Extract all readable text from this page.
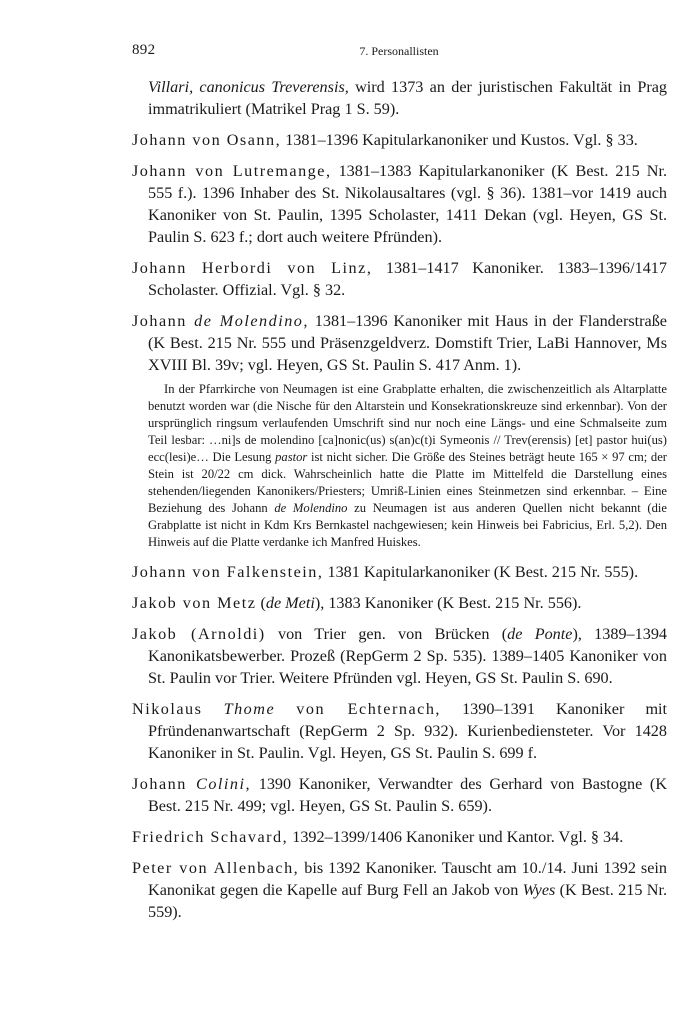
892	7. Personallisten

Villari, canonicus Treverensis, wird 1373 an der juristischen Fakultät in Prag immatrikuliert (Matrikel Prag 1 S. 59).

Johann von Osann, 1381–1396 Kapitularkanoniker und Kustos. Vgl. § 33.

Johann von Lutremange, 1381–1383 Kapitularkanoniker (K Best. 215 Nr. 555 f.). 1396 Inhaber des St. Nikolausaltares (vgl. § 36). 1381–vor 1419 auch Kanoniker von St. Paulin, 1395 Scholaster, 1411 Dekan (vgl. Heyen, GS St. Paulin S. 623 f.; dort auch weitere Pfründen).

Johann Herbordi von Linz, 1381–1417 Kanoniker. 1383–1396/1417 Scholaster. Offizial. Vgl. § 32.

Johann de Molendino, 1381–1396 Kanoniker mit Haus in der Flanderstraße (K Best. 215 Nr. 555 und Präsenzgeldverz. Domstift Trier, LaBi Hannover, Ms XVIII Bl. 39v; vgl. Heyen, GS St. Paulin S. 417 Anm. 1).

In der Pfarrkirche von Neumagen ist eine Grabplatte erhalten, die zwischenzeitlich als Altarplatte benutzt worden war (die Nische für den Altarstein und Konsekrationskreuze sind erkennbar). Von der ursprünglich ringsum verlaufenden Umschrift sind nur noch eine Längs- und eine Schmalseite zum Teil lesbar: …ni]s de molendino [ca]nonic(us) s(an)c(t)i Symeonis // Trev(erensis) [et] pastor hui(us) ecc(lesi)e… Die Lesung pastor ist nicht sicher. Die Größe des Steines beträgt heute 165 × 97 cm; der Stein ist 20/22 cm dick. Wahrscheinlich hatte die Platte im Mittelfeld die Darstellung eines stehenden/liegenden Kanonikers/Priesters; Umriß-Linien eines Steinmetzen sind erkennbar. – Eine Beziehung des Johann de Molendino zu Neumagen ist aus anderen Quellen nicht bekannt (die Grabplatte ist nicht in Kdm Krs Bernkastel nachgewiesen; kein Hinweis bei Fabricius, Erl. 5,2). Den Hinweis auf die Platte verdanke ich Manfred Huiskes.

Johann von Falkenstein, 1381 Kapitularkanoniker (K Best. 215 Nr. 555).

Jakob von Metz (de Meti), 1383 Kanoniker (K Best. 215 Nr. 556).

Jakob (Arnoldi) von Trier gen. von Brücken (de Ponte), 1389–1394 Kanonikatsbewerber. Prozeß (RepGerm 2 Sp. 535). 1389–1405 Kanoniker von St. Paulin vor Trier. Weitere Pfründen vgl. Heyen, GS St. Paulin S. 690.

Nikolaus Thome von Echternach, 1390–1391 Kanoniker mit Pfründenanwartschaft (RepGerm 2 Sp. 932). Kurienbediensteter. Vor 1428 Kanoniker in St. Paulin. Vgl. Heyen, GS St. Paulin S. 699 f.

Johann Colini, 1390 Kanoniker, Verwandter des Gerhard von Bastogne (K Best. 215 Nr. 499; vgl. Heyen, GS St. Paulin S. 659).

Friedrich Schavard, 1392–1399/1406 Kanoniker und Kantor. Vgl. § 34.

Peter von Allenbach, bis 1392 Kanoniker. Tauscht am 10./14. Juni 1392 sein Kanonikat gegen die Kapelle auf Burg Fell an Jakob von Wyes (K Best. 215 Nr. 559).
